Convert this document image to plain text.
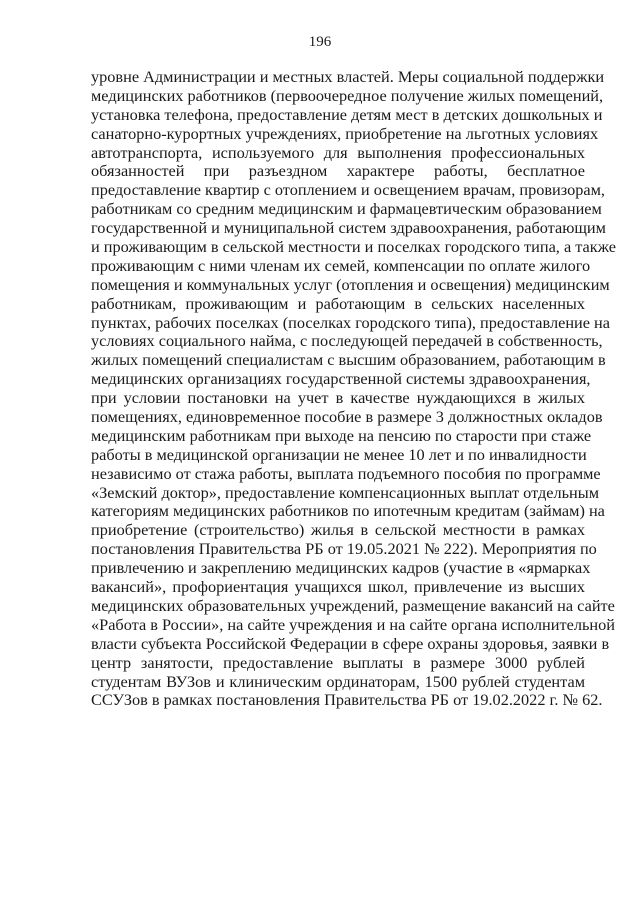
196
уровне Администрации и местных властей. Меры социальной поддержки
медицинских работников (первоочередное получение жилых помещений,
установка телефона, предоставление детям мест в детских дошкольных и
санаторно-курортных учреждениях, приобретение на льготных условиях
автотранспорта, используемого для выполнения профессиональных
обязанностей при разъездном характере работы, бесплатное
предоставление квартир с отоплением и освещением врачам, провизорам,
работникам со средним медицинским и фармацевтическим образованием
государственной и муниципальной систем здравоохранения, работающим
и проживающим в сельской местности и поселках городского типа, а также
проживающим с ними членам их семей, компенсации по оплате жилого
помещения и коммунальных услуг (отопления и освещения) медицинским
работникам, проживающим и работающим в сельских населенных
пунктах, рабочих поселках (поселках городского типа), предоставление на
условиях социального найма, с последующей передачей в собственность,
жилых помещений специалистам с высшим образованием, работающим в
медицинских организациях государственной системы здравоохранения,
при условии постановки на учет в качестве нуждающихся в жилых
помещениях, единовременное пособие в размере 3 должностных окладов
медицинским работникам при выходе на пенсию по старости при стаже
работы в медицинской организации не менее 10 лет и по инвалидности
независимо от стажа работы, выплата подъемного пособия по программе
«Земский доктор», предоставление компенсационных выплат отдельным
категориям медицинских работников по ипотечным кредитам (займам) на
приобретение (строительство) жилья в сельской местности в рамках
постановления Правительства РБ от 19.05.2021 № 222). Мероприятия по
привлечению и закреплению медицинских кадров (участие в «ярмарках
вакансий», профориентация учащихся школ, привлечение из высших
медицинских образовательных учреждений, размещение вакансий на сайте
«Работа в России», на сайте учреждения и на сайте органа исполнительной
власти субъекта Российской Федерации в сфере охраны здоровья, заявки в
центр занятости, предоставление выплаты в размере 3000 рублей
студентам ВУЗов и клиническим ординаторам, 1500 рублей студентам
ССУЗов в рамках постановления Правительства РБ от 19.02.2022 г. № 62.
